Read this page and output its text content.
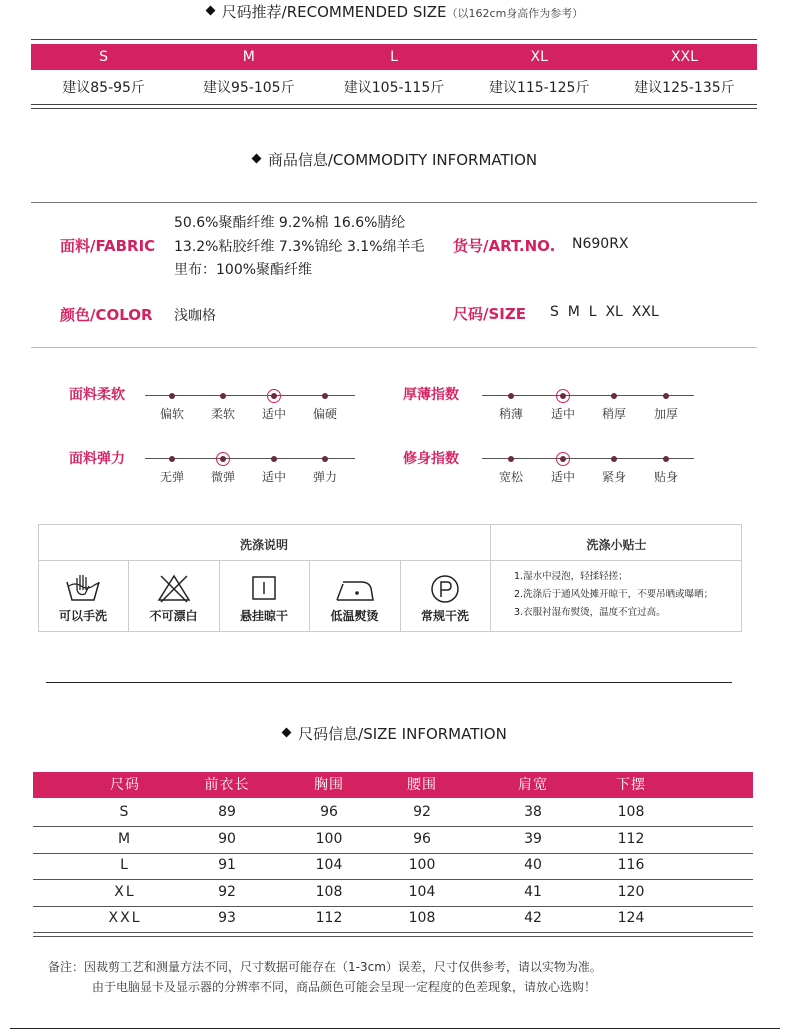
尺码推荐/RECOMMENDED SIZE（以162cm身高作为参考）
S	M	L	XL	XXL
建议85-95斤	建议95-105斤	建议105-115斤	建议115-125斤	建议125-135斤
商品信息/COMMODITY INFORMATION
面料/FABRIC
50.6%聚酯纤维 9.2%棉 16.6%腈纶
13.2%粘胶纤维 7.3%锦纶 3.1%绵羊毛
里布：100%聚酯纤维
货号/ART.NO. N690RX
颜色/COLOR 浅咖格	尺码/SIZE S  M  L  XL  XXL
面料柔软
偏软 柔软 适中 偏硬
厚薄指数
稍薄 适中 稍厚 加厚
面料弹力
无弹 微弹 适中 弹力
修身指数
宽松 适中 紧身 贴身
洗涤说明	洗涤小贴士
可以手洗	不可漂白	悬挂晾干	低温熨烫	常规干洗
1.湿水中浸泡，轻揉轻搓；
2.洗涤后于通风处摊开晾干，不要吊晒或曝晒；
3.衣服衬湿布熨烫，温度不宜过高。
尺码信息/SIZE INFORMATION
尺码	前衣长	胸围	腰围	肩宽	下摆
S	89	96	92	38	108
M	90	100	96	39	112
L	91	104	100	40	116
XL	92	108	104	41	120
XXL	93	112	108	42	124
备注：因裁剪工艺和测量方法不同，尺寸数据可能存在（1-3cm）误差，尺寸仅供参考，请以实物为准。
由于电脑显卡及显示器的分辨率不同，商品颜色可能会呈现一定程度的色差现象，请放心选购！
